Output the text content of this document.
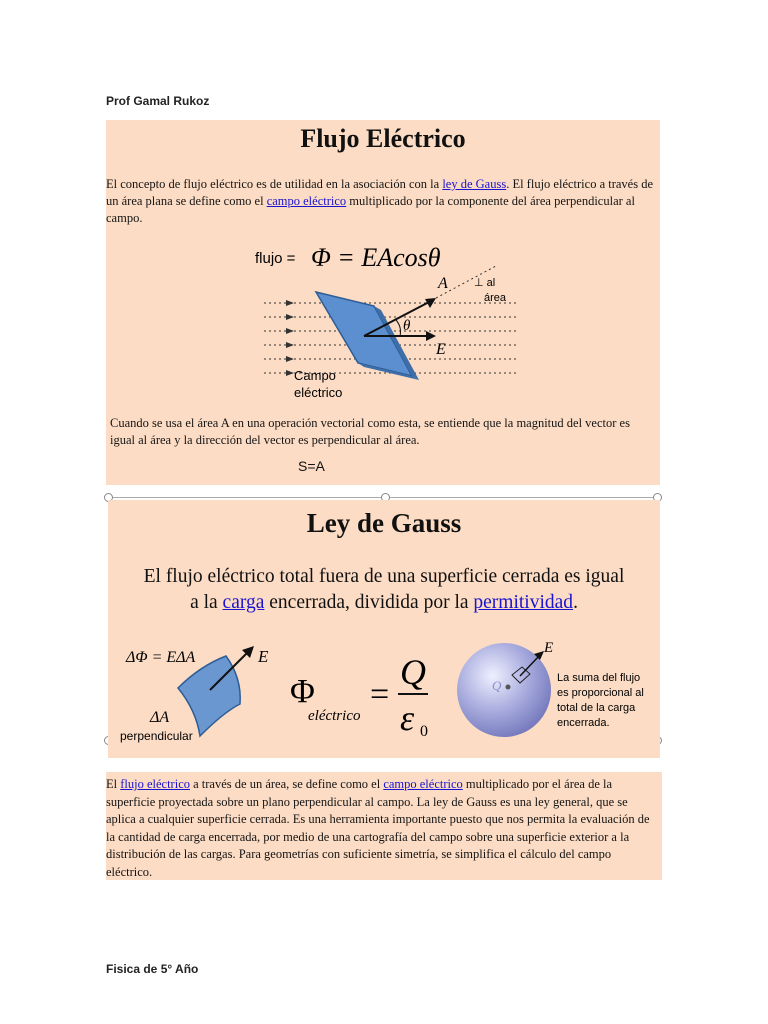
Prof Gamal Rukoz
Flujo Eléctrico
El concepto de flujo eléctrico es de utilidad en la asociación con la ley de Gauss. El flujo eléctrico a través de un área plana se define como el campo eléctrico multiplicado por la componente del área perpendicular al campo.
flujo = Φ = EAcosθ
A ⊥ al
área
θ
E
Campo
eléctrico
Cuando se usa el área A en una operación vectorial como esta, se entiende que la magnitud del vector es igual al área y la dirección del vector es perpendicular al área.
S=A
Ley de Gauss
El flujo eléctrico total fuera de una superficie cerrada es igual
a la carga encerrada, dividida por la permitividad.
ΔΦ = EΔA	E
ΔA
perpendicular
Φ
eléctrico
=
Q
ε 0
Q
E
La suma del flujo
es proporcional al
total de la carga
encerrada.
El flujo eléctrico a través de un área, se define como el campo eléctrico multiplicado por el área de la superficie proyectada sobre un plano perpendicular al campo. La ley de Gauss es una ley general, que se aplica a cualquier superficie cerrada. Es una herramienta importante puesto que nos permita la evaluación de la cantidad de carga encerrada, por medio de una cartografía del campo sobre una superficie exterior a la distribución de las cargas. Para geometrías con suficiente simetría, se simplifica el cálculo del campo eléctrico.
Fisica de 5° Año
